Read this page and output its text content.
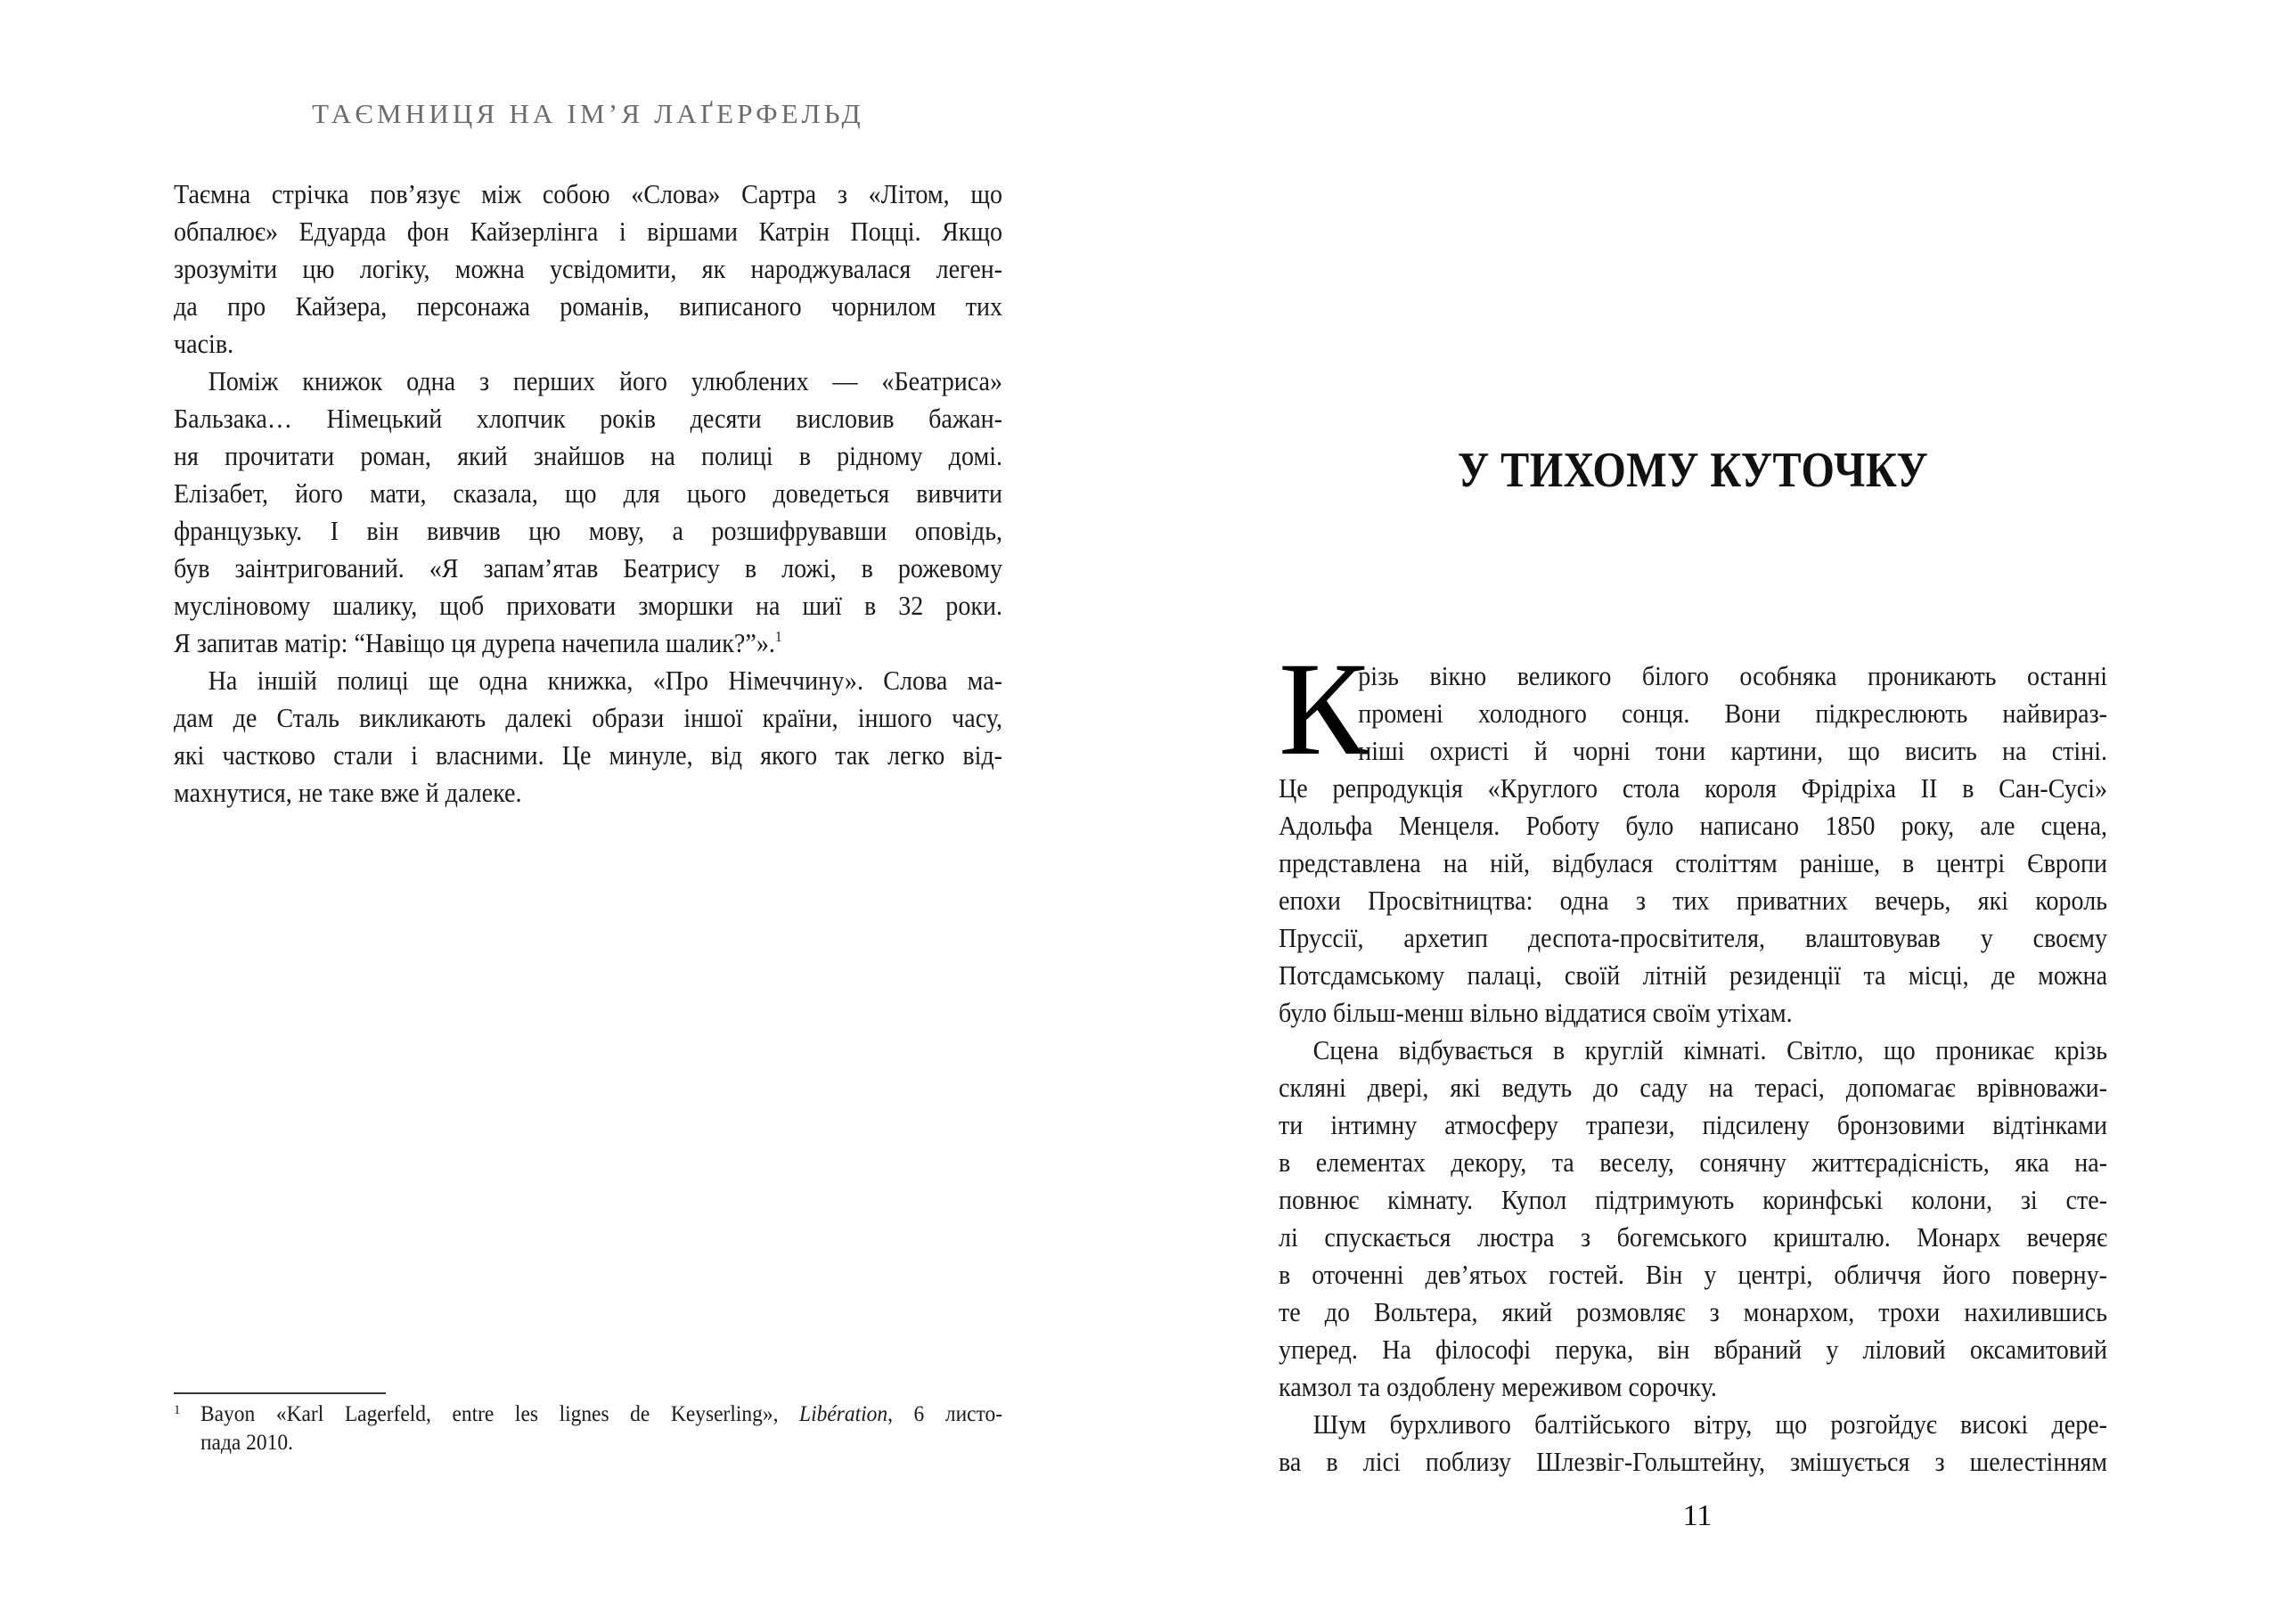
ТАЄМНИЦЯ НА ІМ’Я ЛАҐЕРФЕЛЬД
Таємна стрічка пов’язує між собою «Слова» Сартра з «Літом, що
обпалює» Едуарда фон Кайзерлінга і віршами Катрін Поцці. Якщо
зрозуміти цю логіку, можна усвідомити, як народжувалася леген-
да про Кайзера, персонажа романів, виписаного чорнилом тих
часів.
Поміж книжок одна з перших його улюблених — «Беатриса»
Бальзака… Німецький хлопчик років десяти висловив бажан-
ня прочитати роман, який знайшов на полиці в рідному домі.
Елізабет, його мати, сказала, що для цього доведеться вивчити
французьку. І він вивчив цю мову, а розшифрувавши оповідь,
був заінтригований. «Я запам’ятав Беатрису в ложі, в рожевому
мусліновому шалику, щоб приховати зморшки на шиї в 32 роки.
Я запитав матір: “Навіщо ця дурепа начепила шалик?”».$^1$
На іншій полиці ще одна книжка, «Про Німеччину». Слова ма-
дам де Сталь викликають далекі образи іншої країни, іншого часу,
які частково стали і власними. Це минуле, від якого так легко від-
махнутися, не таке вже й далеке.
1 Bayon «Karl Lagerfeld, entre les lignes de Keyserling», Libération, 6 листо-
пада 2010.
У ТИХОМУ КУТОЧКУ
К
різь вікно великого білого особняка проникають останні
промені холодного сонця. Вони підкреслюють найвираз-
ніші охристі й чорні тони картини, що висить на стіні.
Це репродукція «Круглого стола короля Фрідріха II в Сан-Сусі»
Адольфа Менцеля. Роботу було написано 1850 року, але сцена,
представлена на ній, відбулася століттям раніше, в центрі Європи
епохи Просвітництва: одна з тих приватних вечерь, які король
Пруссії, архетип деспота-просвітителя, влаштовував у своєму
Потсдамському палаці, своїй літній резиденції та місці, де можна
було більш-менш вільно віддатися своїм утіхам.
Сцена відбувається в круглій кімнаті. Світло, що проникає крізь
скляні двері, які ведуть до саду на терасі, допомагає врівноважи-
ти інтимну атмосферу трапези, підсилену бронзовими відтінками
в елементах декору, та веселу, сонячну життєрадісність, яка на-
повнює кімнату. Купол підтримують коринфські колони, зі сте-
лі спускається люстра з богемського кришталю. Монарх вечеряє
в оточенні дев’ятьох гостей. Він у центрі, обличчя його поверну-
те до Вольтера, який розмовляє з монархом, трохи нахилившись
уперед. На філософі перука, він вбраний у ліловий оксамитовий
камзол та оздоблену мереживом сорочку.
Шум бурхливого балтійського вітру, що розгойдує високі дере-
ва в лісі поблизу Шлезвіг-Гольштейну, змішується з шелестінням
11
